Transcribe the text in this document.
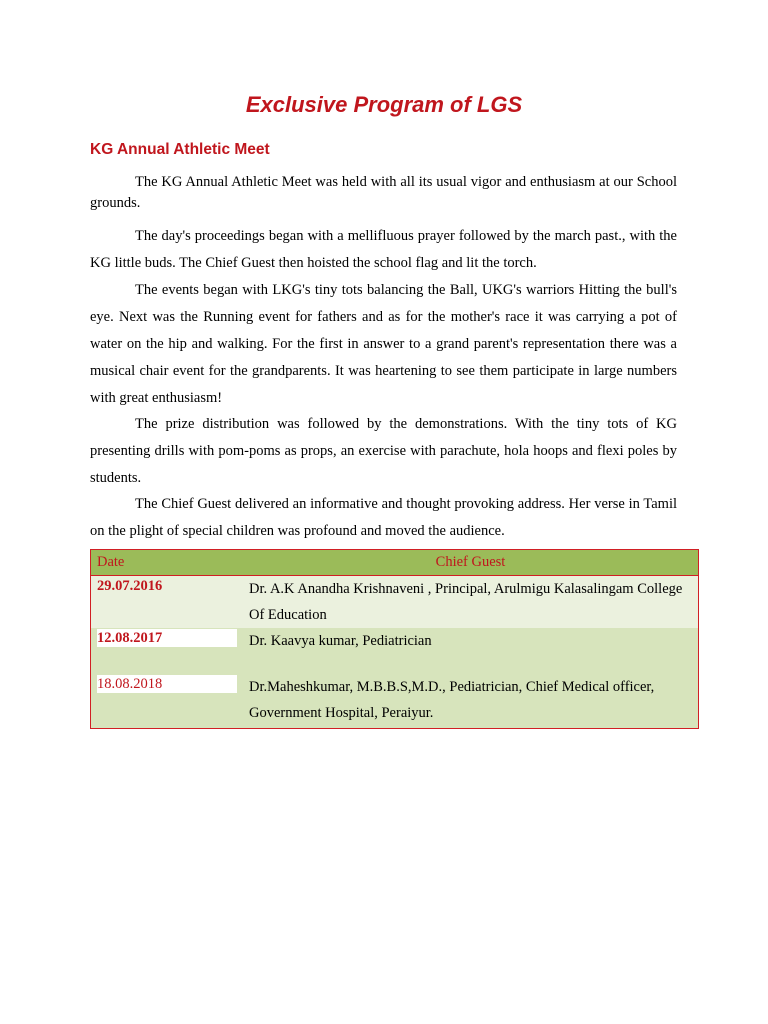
Exclusive Program of LGS
KG Annual Athletic Meet

The KG Annual Athletic Meet was held with all its usual vigor and enthusiasm at our School grounds.

The day's proceedings began with a mellifluous prayer followed by the march past., with the KG little buds. The Chief Guest then hoisted the school flag and lit the torch.

The events began with LKG's tiny tots balancing the Ball, UKG's warriors Hitting the bull's eye. Next was the Running event for fathers and as for the mother's race it was carrying a pot of water on the hip and walking. For the first in answer to a grand parent's representation there was a musical chair event for the grandparents. It was heartening to see them participate in large numbers with great enthusiasm!

The prize distribution was followed by the demonstrations. With the tiny tots of KG presenting drills with pom-poms as props, an exercise with parachute, hola hoops and flexi poles by students.

The Chief Guest delivered an informative and thought provoking address. Her verse in Tamil on the plight of special children was profound and moved the audience.

Date	Chief Guest

29.07.2016	Dr. A.K Anandha Krishnaveni , Principal, Arulmigu Kalasalingam College Of Education

12.08.2017	Dr. Kaavya kumar, Pediatrician

18.08.2018	Dr.Maheshkumar, M.B.B.S,M.D., Pediatrician, Chief Medical officer, Government Hospital, Peraiyur.
